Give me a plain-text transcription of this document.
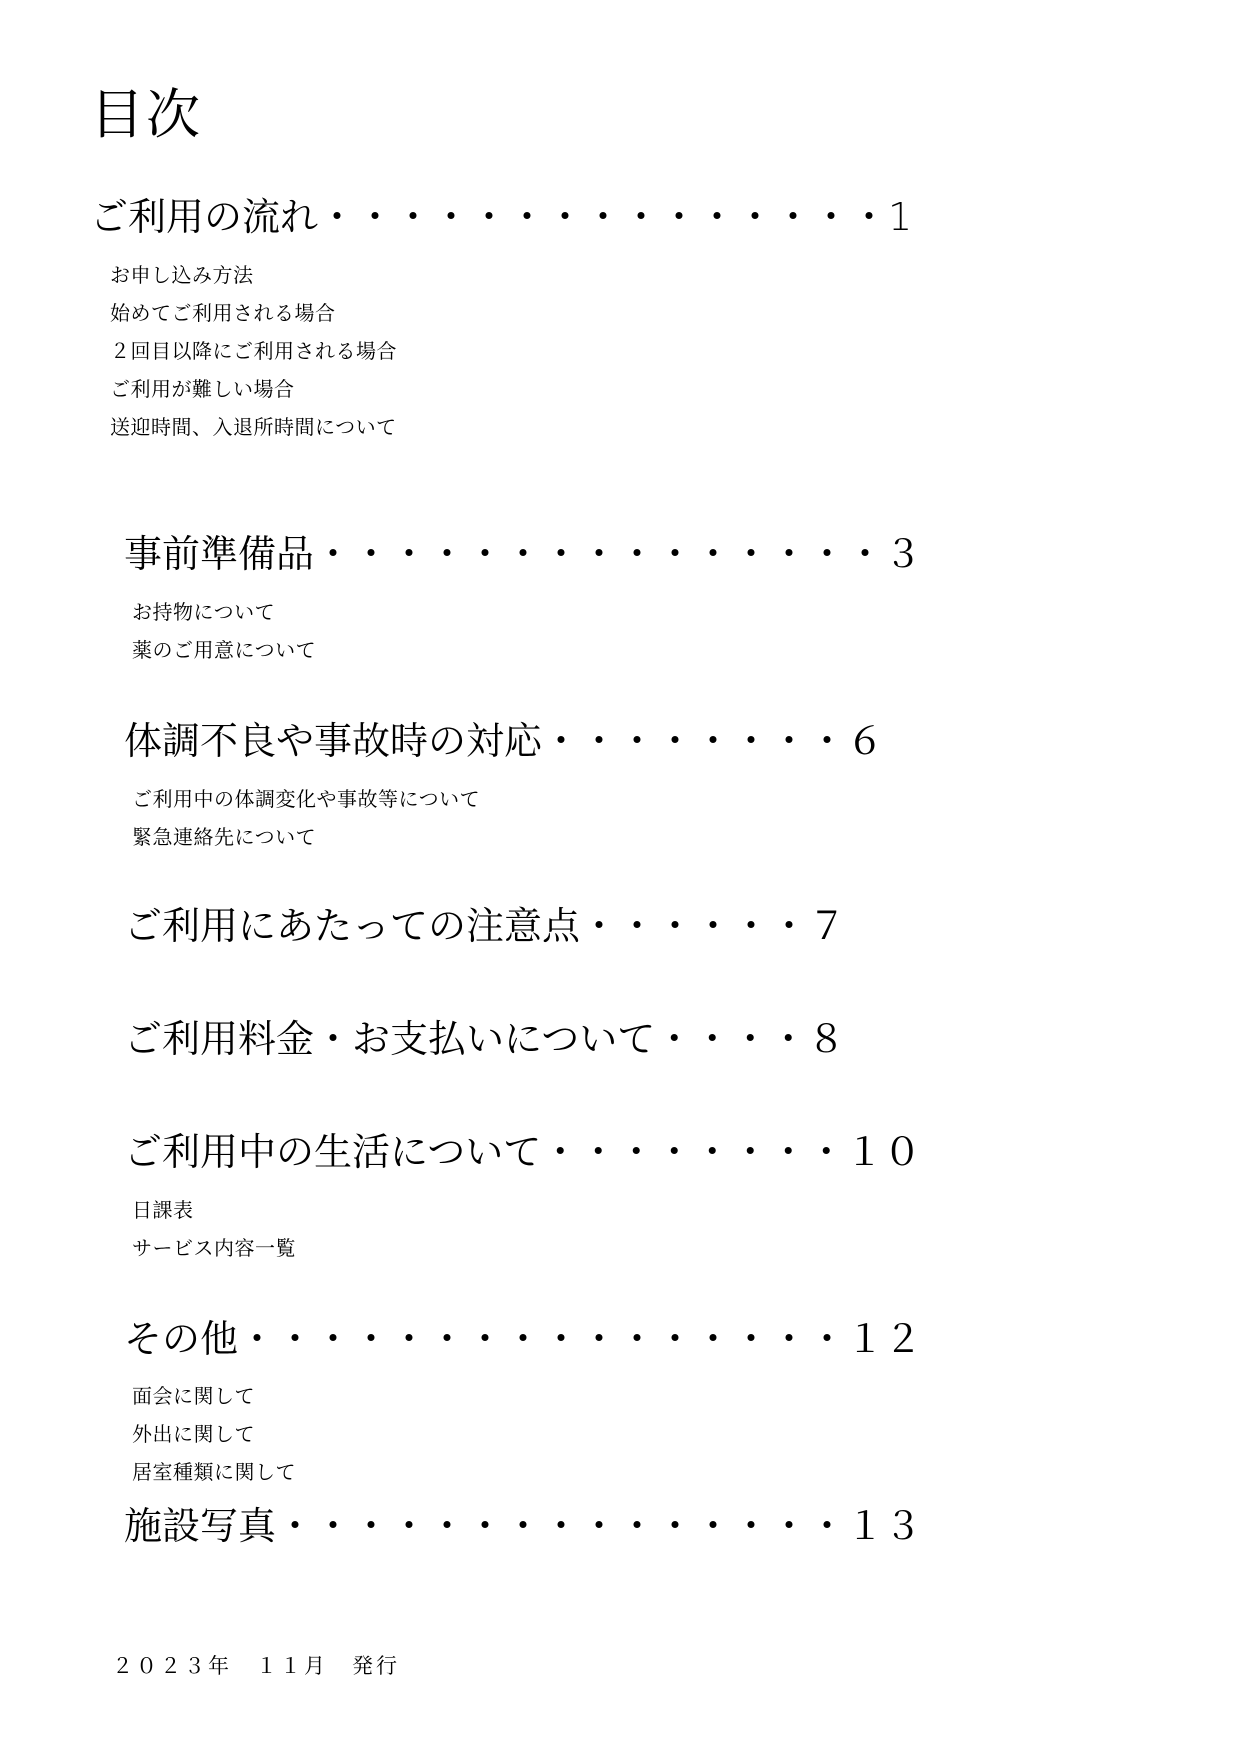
目次
ご利用の流れ・・・・・・・・・・・・・・・1
お申し込み方法
始めてご利用される場合
２回目以降にご利用される場合
ご利用が難しい場合
送迎時間、入退所時間について
事前準備品・・・・・・・・・・・・・・・３
お持物について
薬のご用意について
体調不良や事故時の対応・・・・・・・・６
ご利用中の体調変化や事故等について
緊急連絡先について
ご利用にあたっての注意点・・・・・・７
ご利用料金・お支払いについて・・・・８
ご利用中の生活について・・・・・・・・１０
日課表
サービス内容一覧
その他・・・・・・・・・・・・・・・・１２
面会に関して
外出に関して
居室種類に関して
施設写真・・・・・・・・・・・・・・・１３
２０２３年　１１月　発行
